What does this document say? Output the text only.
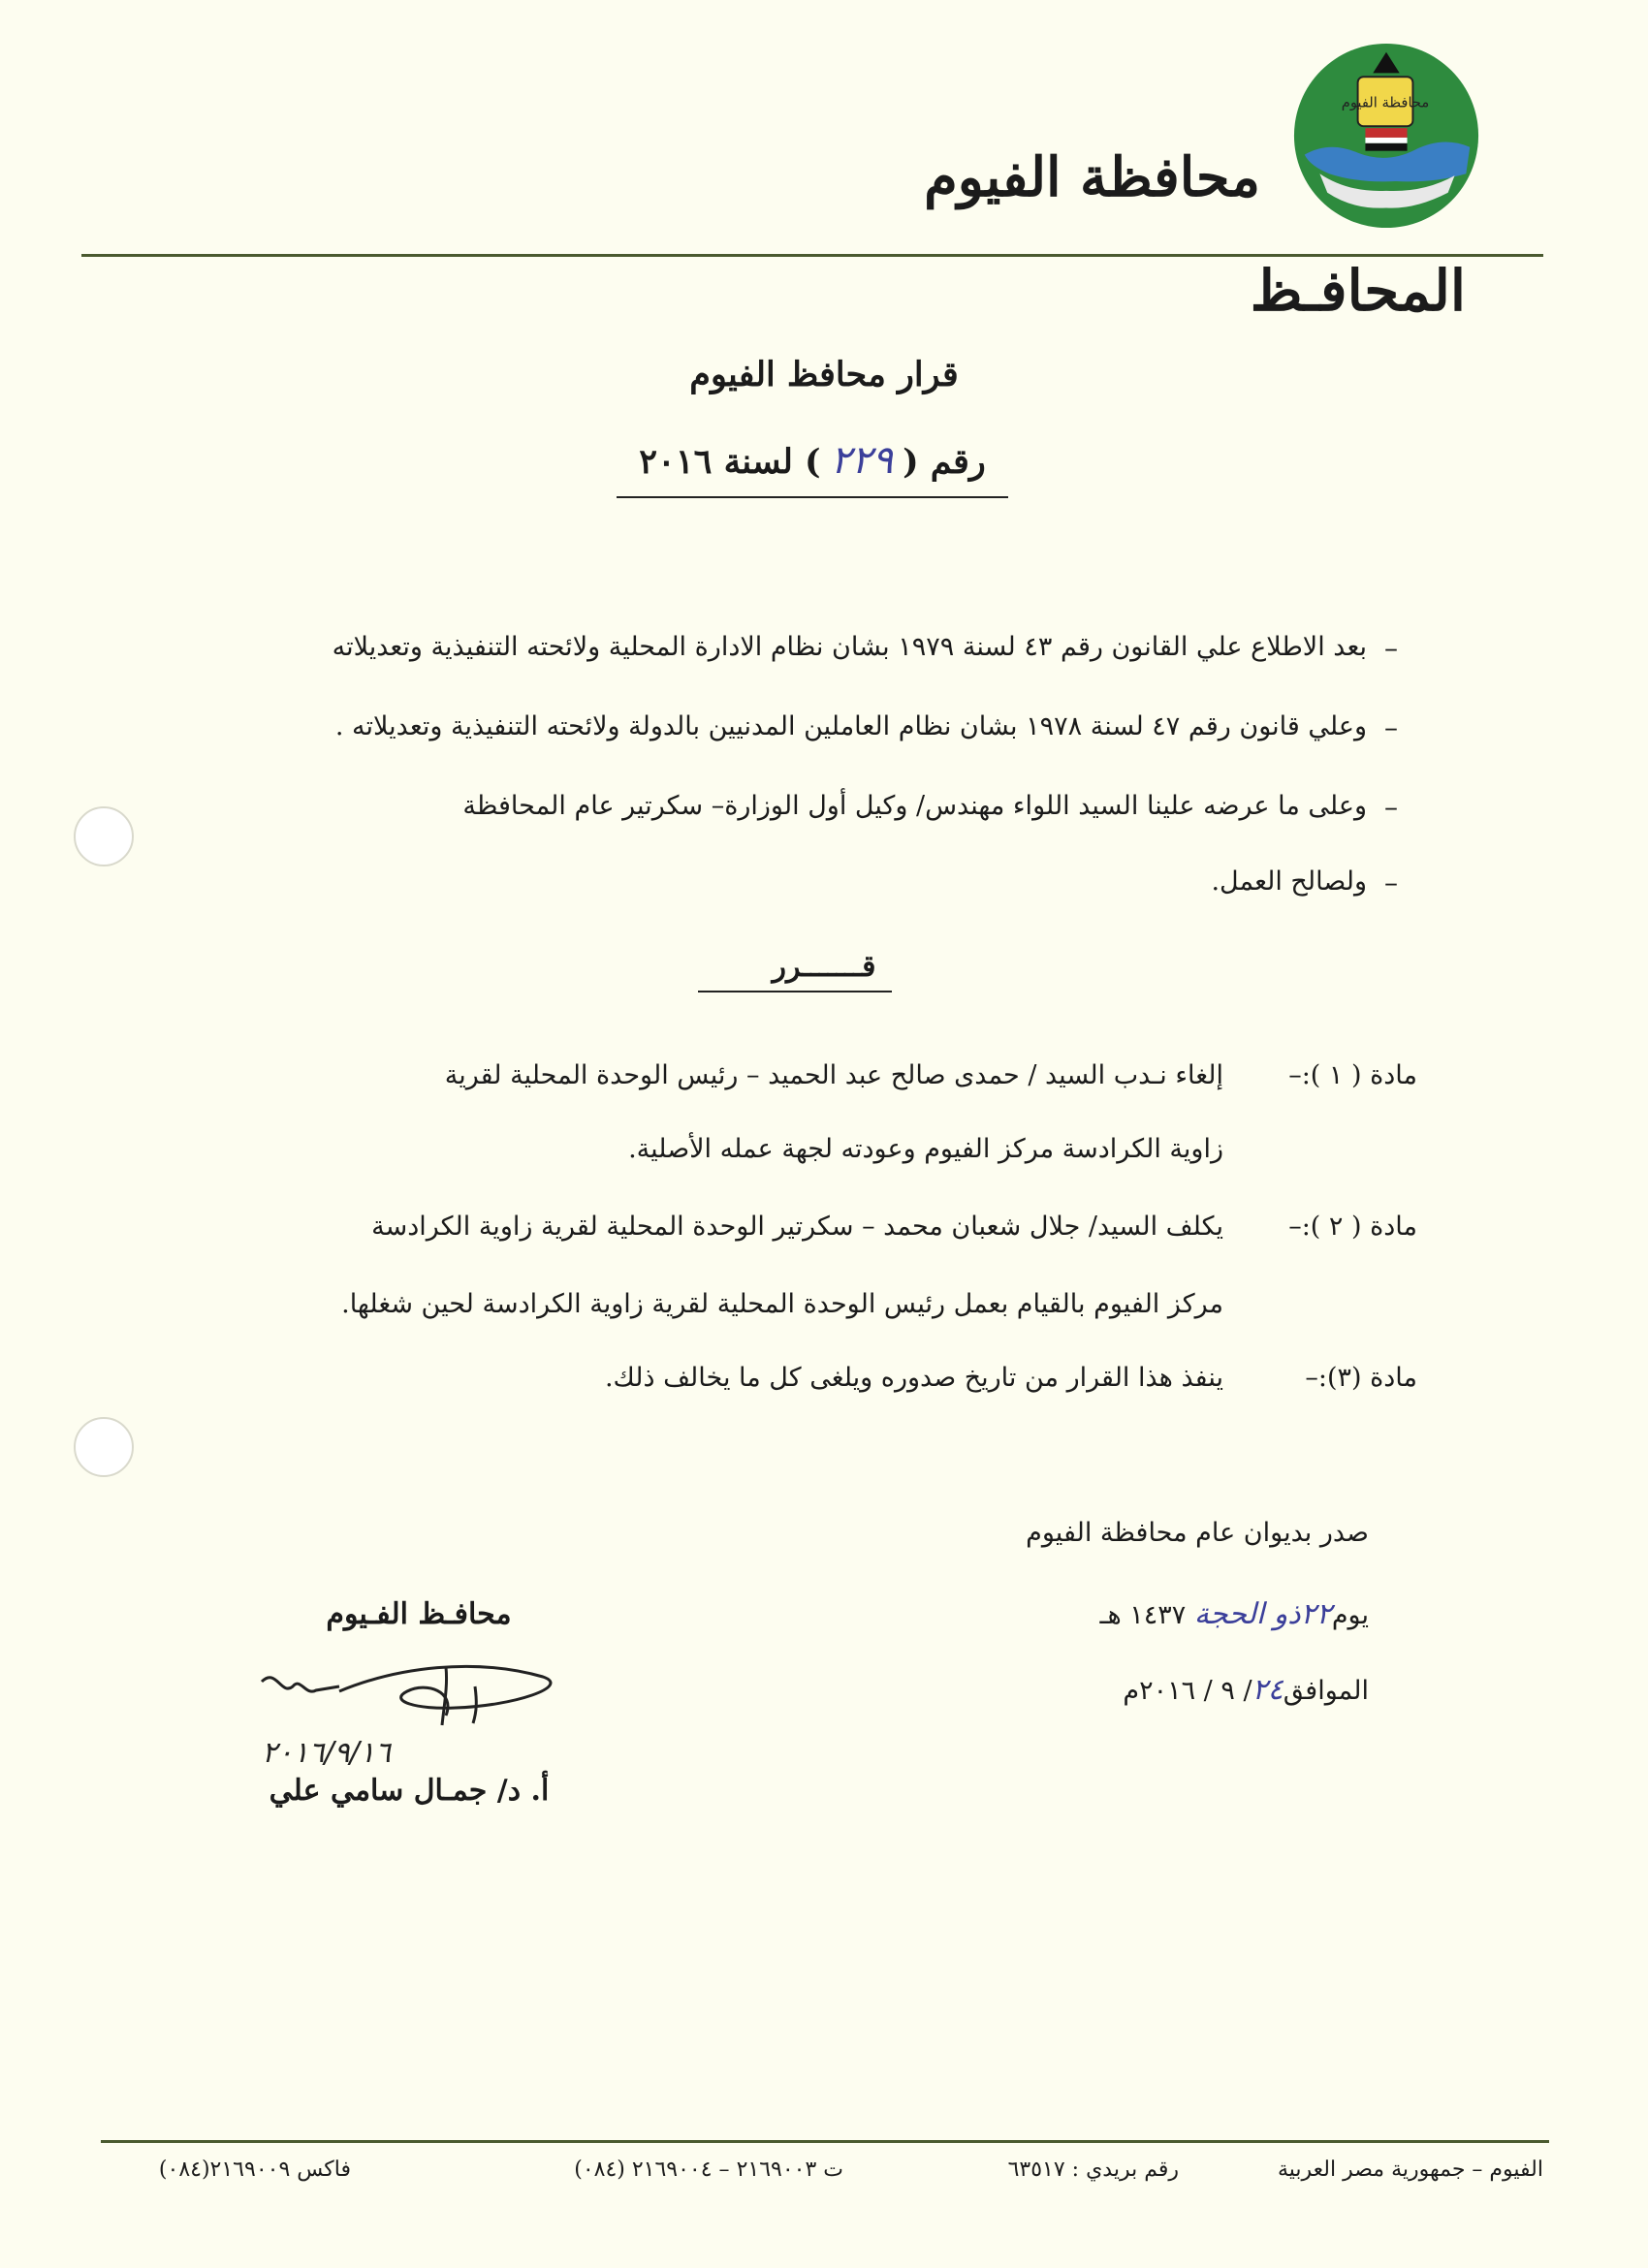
محافظة الفيوم
محافظة الفيوم
المحافـظ
قرار محافظ الفيوم
رقم (٢٢٩) لسنة ٢٠١٦
–
بعد الاطلاع علي القانون رقم ٤٣ لسنة ١٩٧٩ بشان نظام الادارة المحلية ولائحته التنفيذية وتعديلاته
–
وعلي قانون رقم ٤٧ لسنة ١٩٧٨ بشان نظام العاملين المدنيين بالدولة ولائحته التنفيذية وتعديلاته .
–
وعلى ما عرضه علينا السيد اللواء مهندس/ وكيل أول الوزارة– سكرتير عام المحافظة
–
ولصالح العمل.
قـــــــرر
مادة ( ١ ):–
إلغاء نـدب السيد / حمدى صالح عبد الحميد – رئيس الوحدة المحلية لقرية
زاوية الكرادسة مركز الفيوم وعودته لجهة عمله الأصلية.
مادة ( ٢ ):–
يكلف السيد/ جلال شعبان محمد – سكرتير الوحدة المحلية لقرية زاوية الكرادسة
مركز الفيوم بالقيام بعمل رئيس الوحدة المحلية لقرية زاوية الكرادسة لحين شغلها.
مادة (٣):–
ينفذ هذا القرار من تاريخ صدوره ويلغى كل ما يخالف ذلك.
صدر بديوان عام محافظة الفيوم
يوم٢٢ذو الحجة ١٤٣٧ هـ
الموافق٢٤/ ٩ / ٢٠١٦م
محافـظ الفـيوم
٢٠١٦/٩/١٦
أ. د/ جمـال سامي علي
الفيوم – جمهورية مصر العربية
رقم بريدي : ٦٣٥١٧
ت ٢١٦٩٠٠٣ – ٢١٦٩٠٠٤ (٠٨٤)
فاكس ٢١٦٩٠٠٩(٠٨٤)
